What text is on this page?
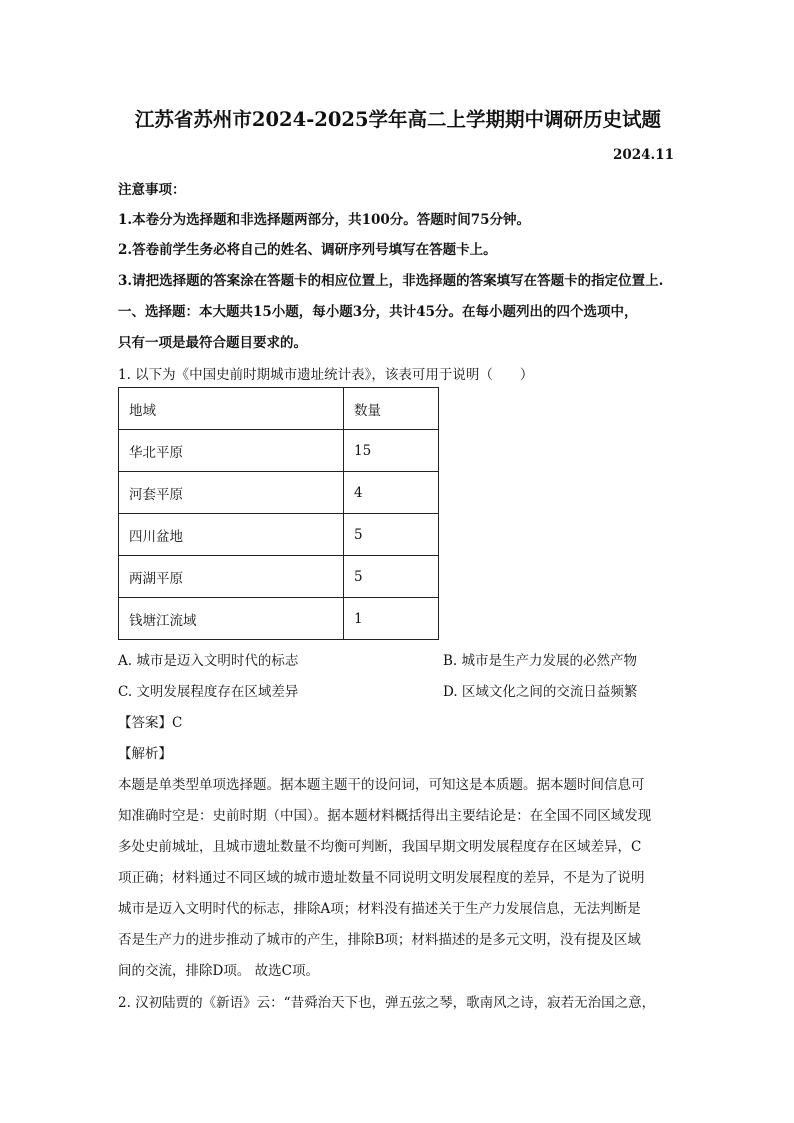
江苏省苏州市2024-2025学年高二上学期期中调研历史试题
2024.11
注意事项：
1.本卷分为选择题和非选择题两部分，共100分。答题时间75分钟。
2.答卷前学生务必将自己的姓名、调研序列号填写在答题卡上。
3.请把选择题的答案涂在答题卡的相应位置上，非选择题的答案填写在答题卡的指定位置上.
一、选择题：本大题共15小题，每小题3分，共计45分。在每小题列出的四个选项中，
只有一项是最符合题目要求的。
1. 以下为《中国史前时期城市遗址统计表》，该表可用于说明（　　）
地域	数量
华北平原	15
河套平原	4
四川盆地	5
两湖平原	5
钱塘江流域	1
A. 城市是迈入文明时代的标志	B. 城市是生产力发展的必然产物
C. 文明发展程度存在区域差异	D. 区域文化之间的交流日益频繁
【答案】C
【解析】
本题是单类型单项选择题。据本题主题干的设问词，可知这是本质题。据本题时间信息可
知准确时空是：史前时期（中国）。据本题材料概括得出主要结论是：在全国不同区域发现
多处史前城址，且城市遗址数量不均衡可判断，我国早期文明发展程度存在区域差异，C
项正确；材料通过不同区域的城市遗址数量不同说明文明发展程度的差异，不是为了说明
城市是迈入文明时代的标志，排除A项；材料没有描述关于生产力发展信息，无法判断是
否是生产力的进步推动了城市的产生，排除B项；材料描述的是多元文明，没有提及区域
间的交流，排除D项。 故选C项。
2. 汉初陆贾的《新语》云：“昔舜治天下也，弹五弦之琴，歌南风之诗，寂若无治国之意，
